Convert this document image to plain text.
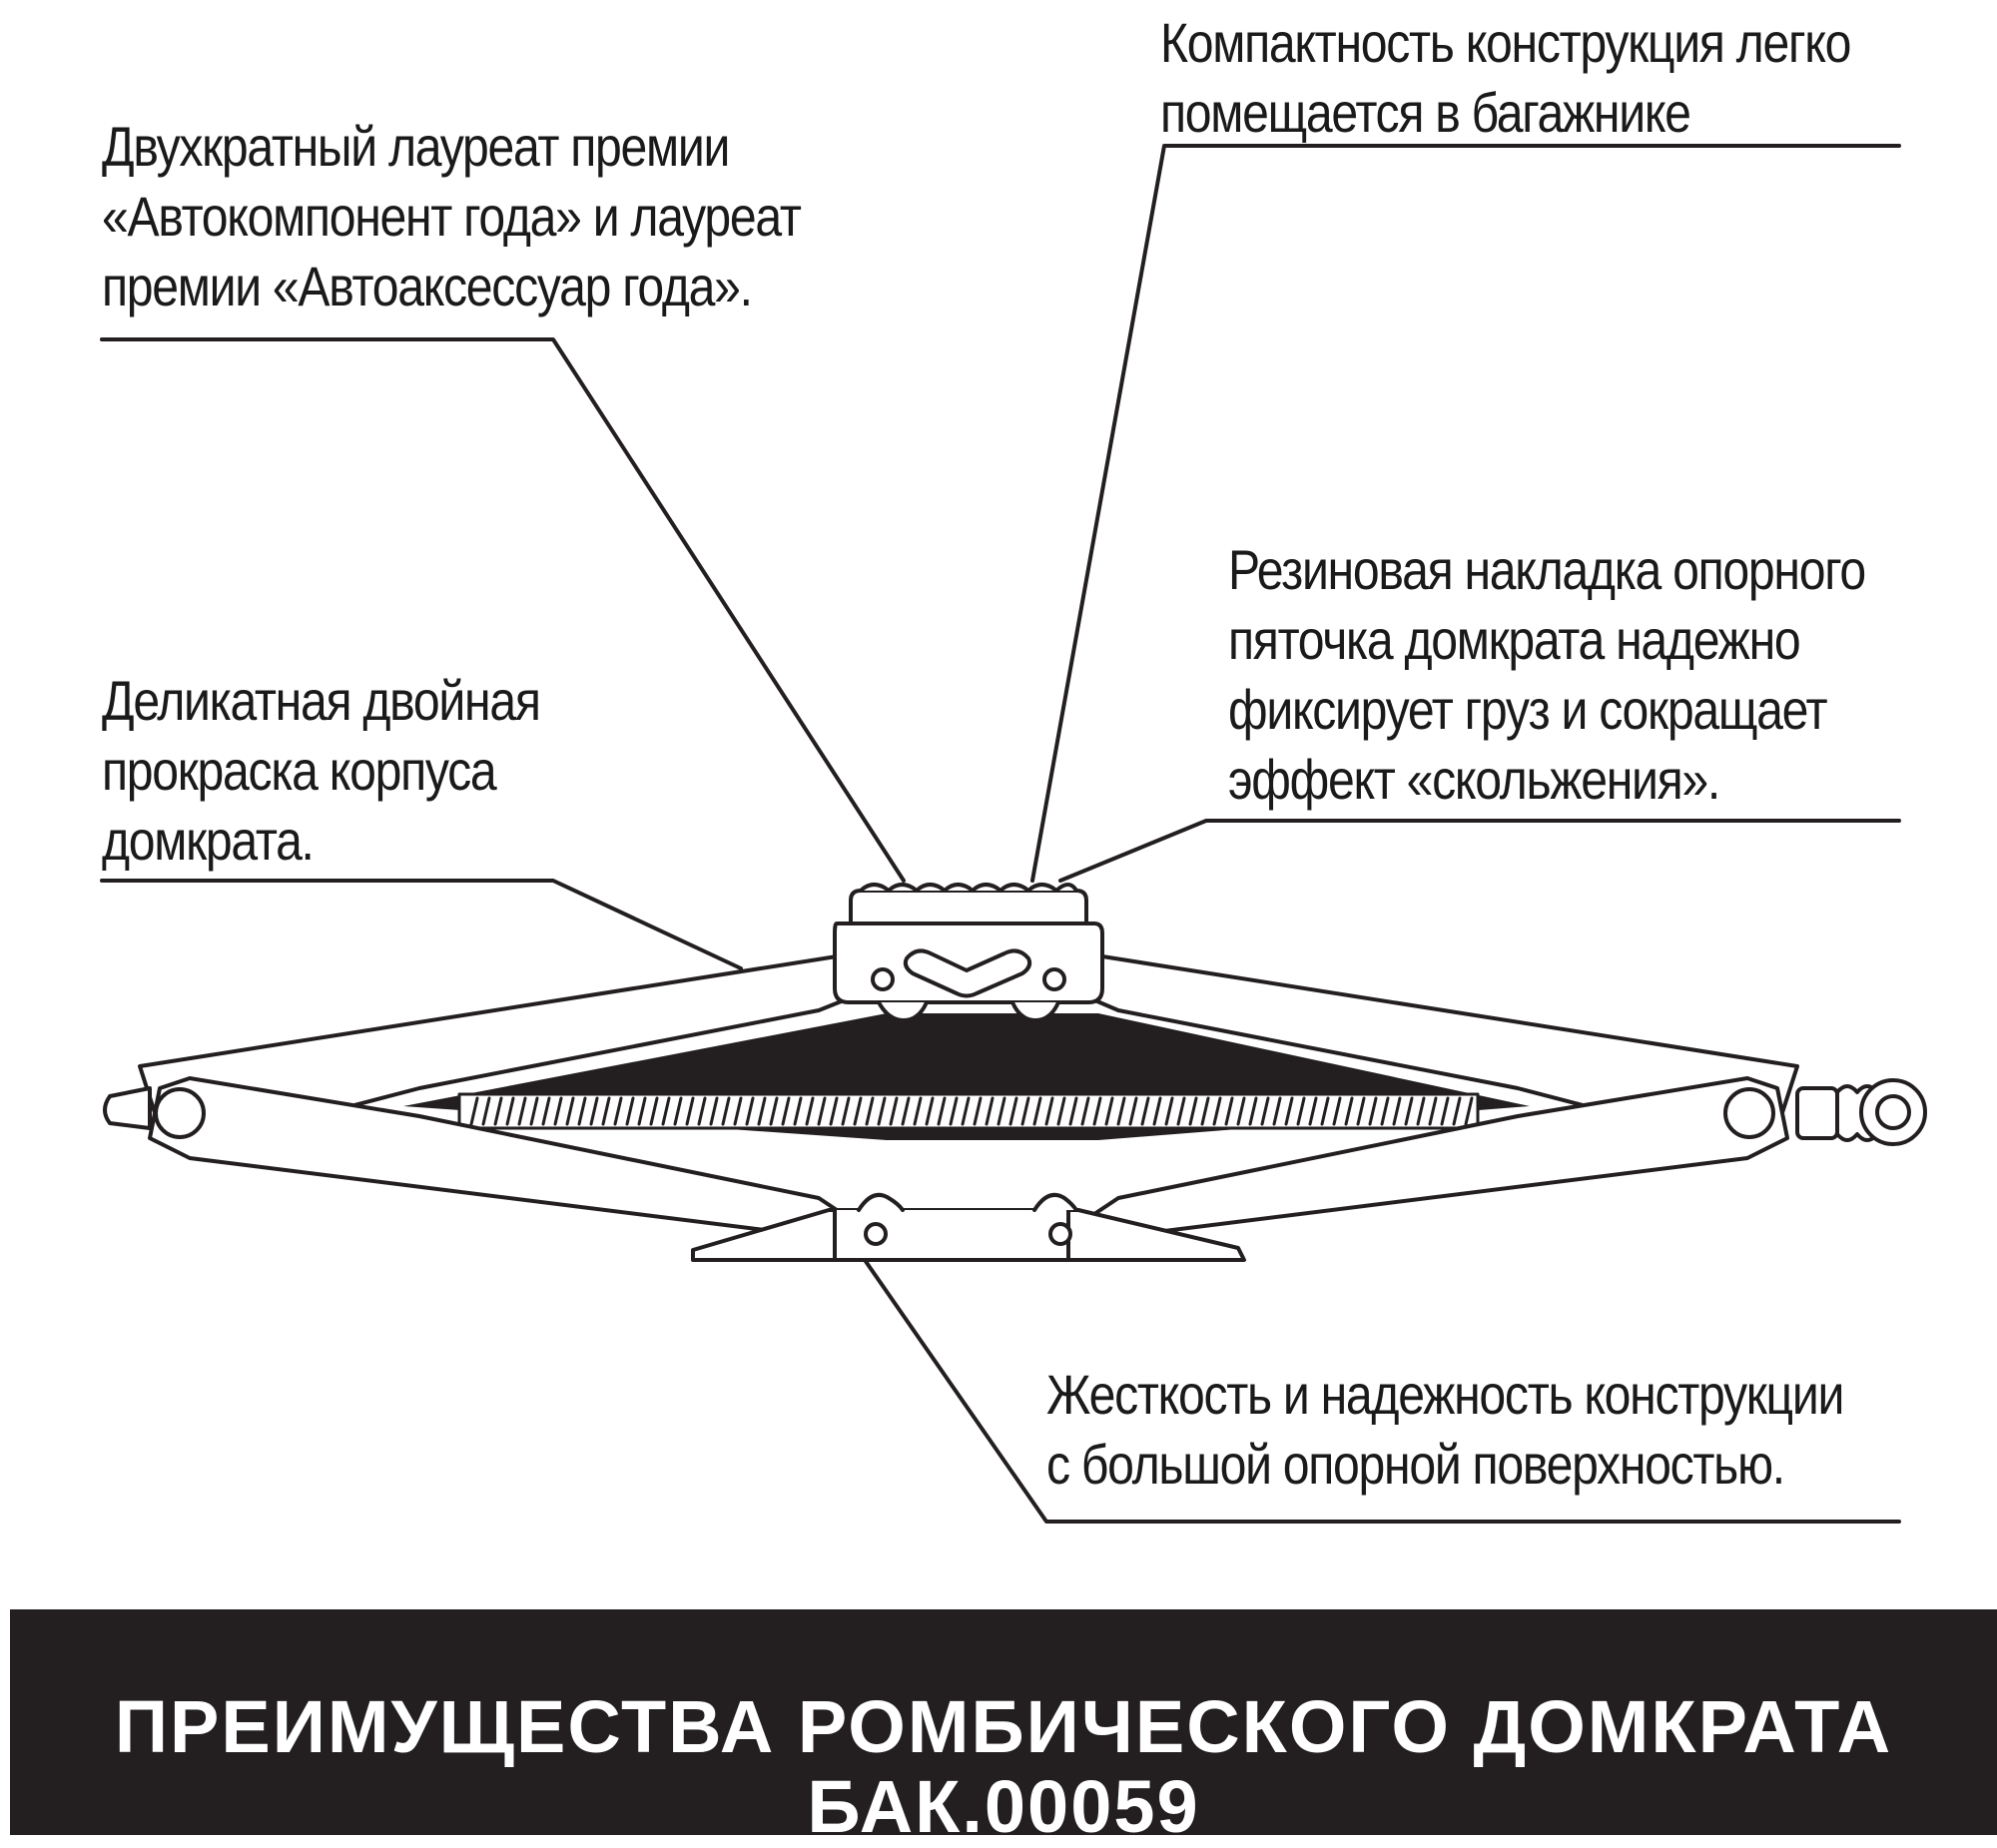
Компактность конструкция легко
помещается в багажнике
Двухкратный лауреат премии
«Автокомпонент года» и лауреат
премии «Автоаксессуар года».
Резиновая накладка опорного
пяточка домкрата надежно
фиксирует груз и сокращает
эффект «скольжения».
Деликатная двойная
прокраска корпуса
домкрата.
Жесткость и надежность конструкции
с большой опорной поверхностью.
ПРЕИМУЩЕСТВА РОМБИЧЕСКОГО ДОМКРАТА БАК.00059
